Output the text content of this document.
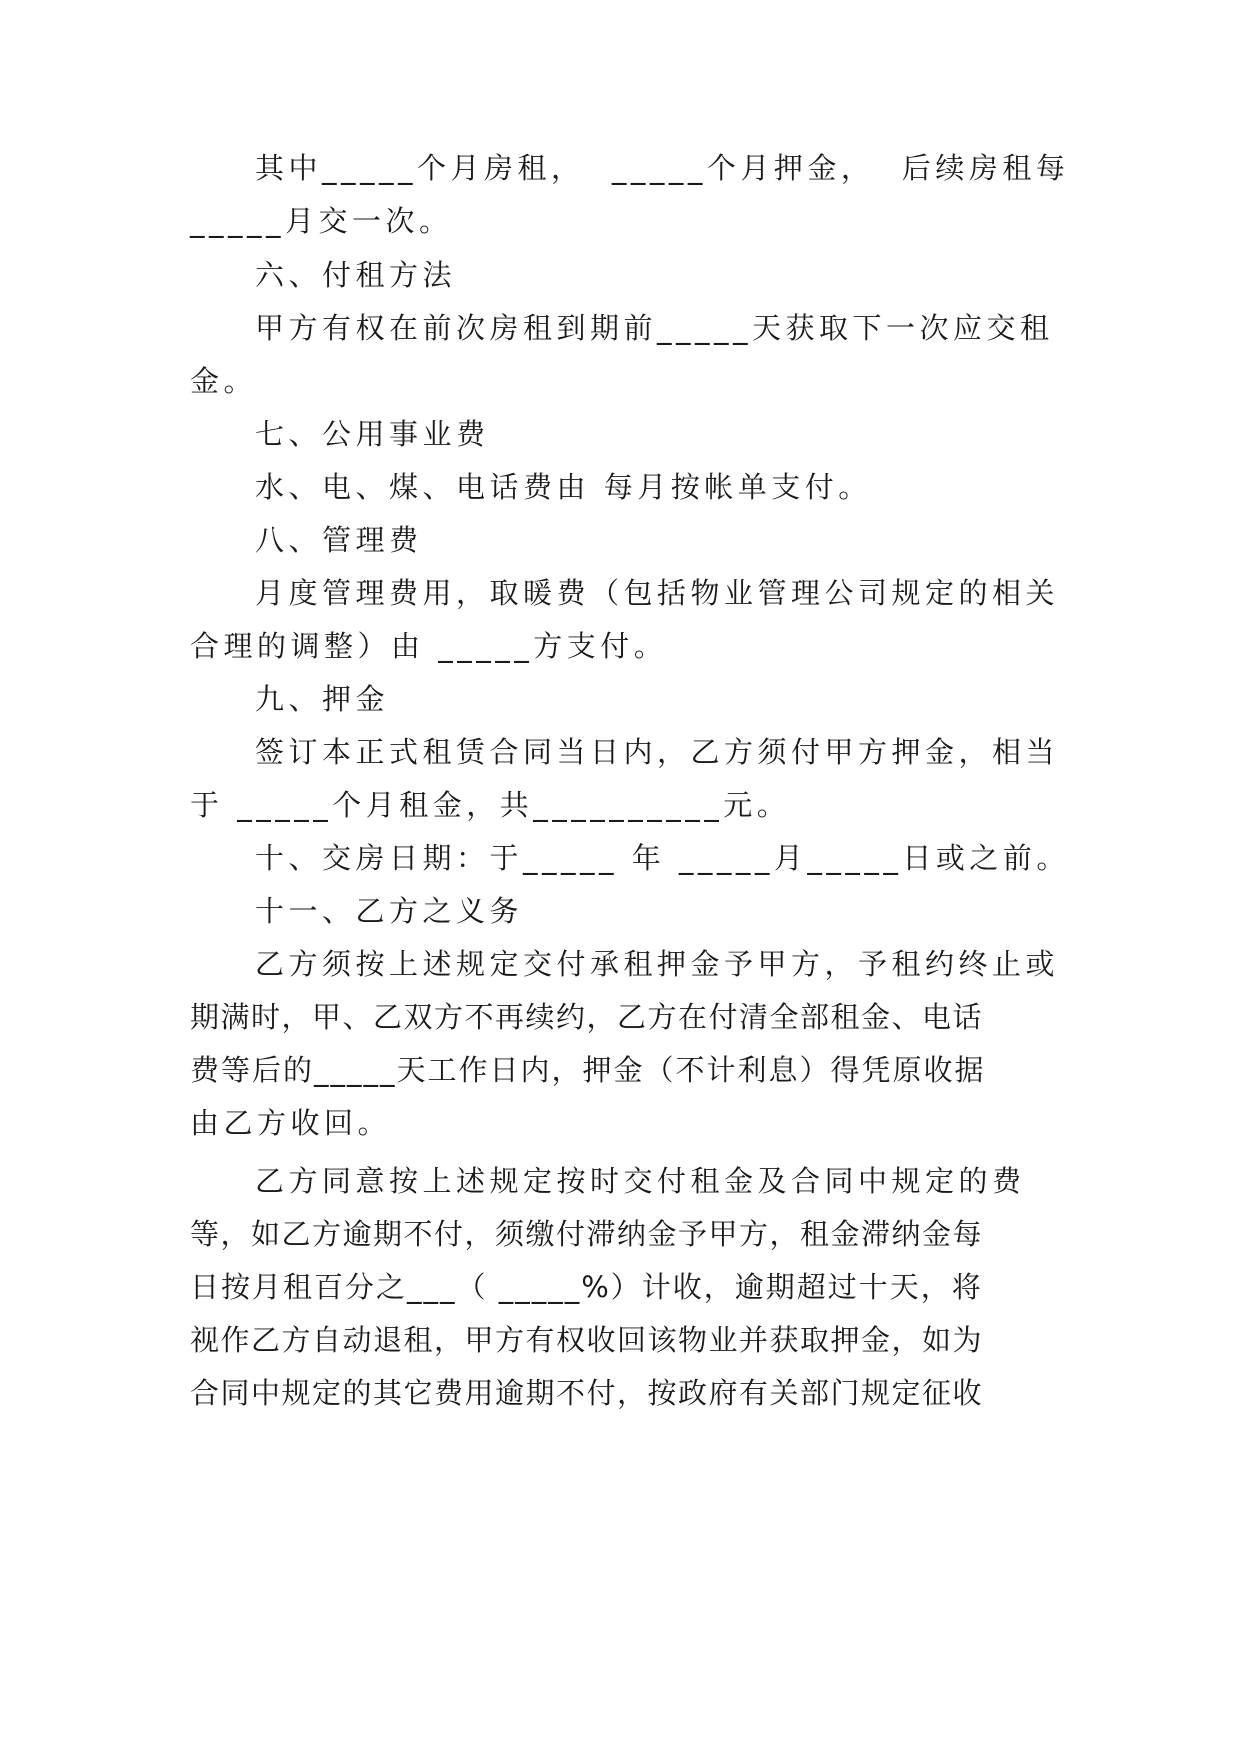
其中_____个月房租，  _____个月押金，  后续房租每
_____月交一次。
六、付租方法
甲方有权在前次房租到期前_____天获取下一次应交租
金。
七、公用事业费
水、电、煤、电话费由 每月按帐单支付。
八、管理费
月度管理费用，取暖费（包括物业管理公司规定的相关
合理的调整）由 _____方支付。
九、押金
签订本正式租赁合同当日内，乙方须付甲方押金，相当
于 _____个月租金，共__________元。
十、交房日期：于_____ 年 _____月_____日或之前。
十一、乙方之义务
乙方须按上述规定交付承租押金予甲方，予租约终止或
期满时，甲、乙双方不再续约，乙方在付清全部租金、电话
费等后的_____天工作日内，押金（不计利息）得凭原收据
由乙方收回。
乙方同意按上述规定按时交付租金及合同中规定的费
等，如乙方逾期不付，须缴付滞纳金予甲方，租金滞纳金每
日按月租百分之___（ _____%）计收，逾期超过十天，将
视作乙方自动退租，甲方有权收回该物业并获取押金，如为
合同中规定的其它费用逾期不付，按政府有关部门规定征收
